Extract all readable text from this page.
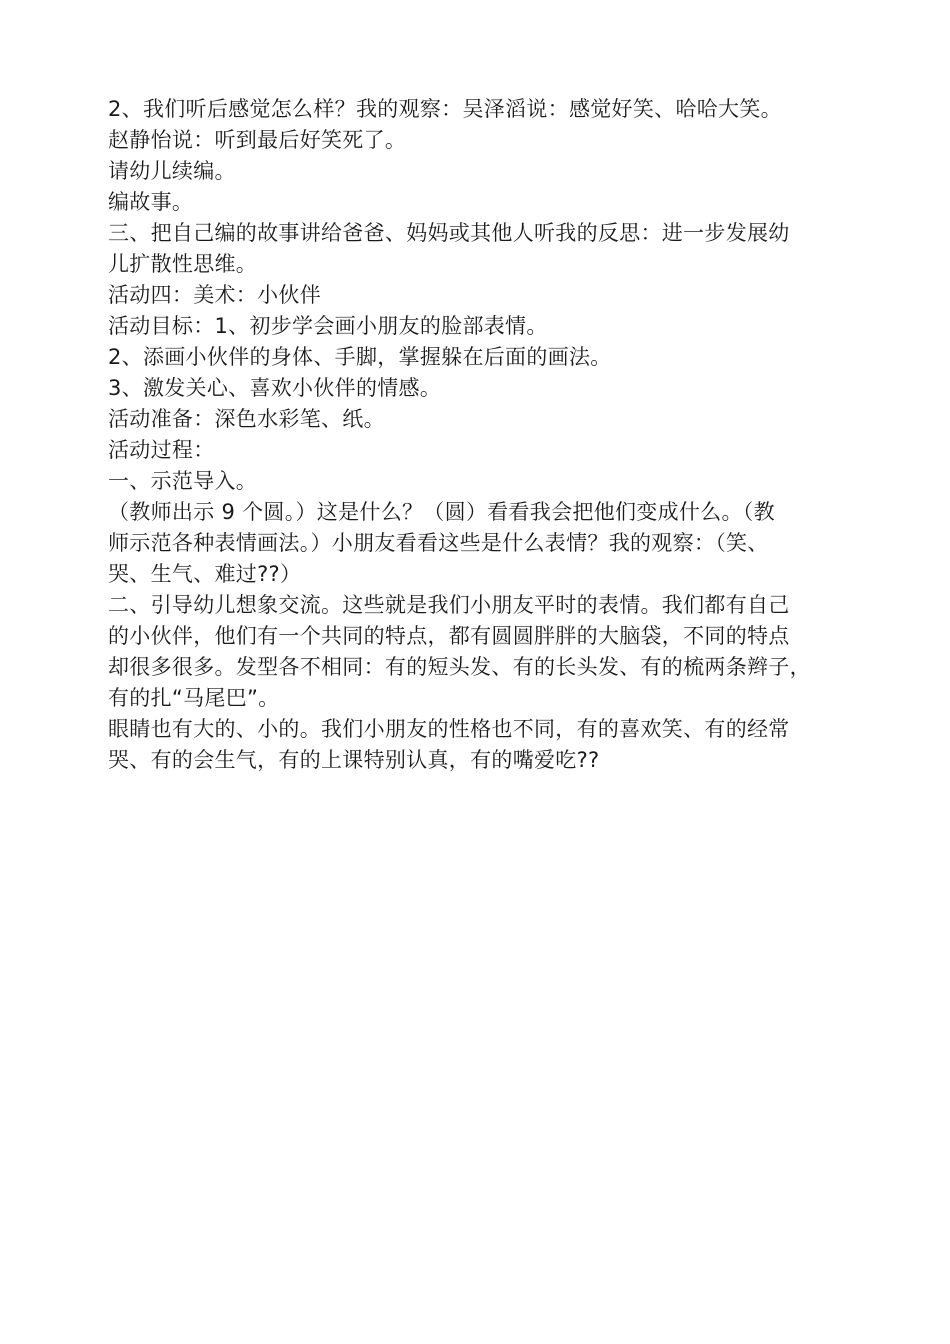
2、我们听后感觉怎么样？我的观察：吴泽滔说：感觉好笑、哈哈大笑。
赵静怡说：听到最后好笑死了。
请幼儿续编。
编故事。
三、把自己编的故事讲给爸爸、妈妈或其他人听我的反思：进一步发展幼
儿扩散性思维。
活动四：美术：小伙伴
活动目标：1、初步学会画小朋友的脸部表情。
2、添画小伙伴的身体、手脚，掌握躲在后面的画法。
3、激发关心、喜欢小伙伴的情感。
活动准备：深色水彩笔、纸。
活动过程：
一、示范导入。
（教师出示 9 个圆。）这是什么？（圆）看看我会把他们变成什么。（教
师示范各种表情画法。）小朋友看看这些是什么表情？我的观察：（笑、
哭、生气、难过??）
二、引导幼儿想象交流。这些就是我们小朋友平时的表情。我们都有自己
的小伙伴，他们有一个共同的特点，都有圆圆胖胖的大脑袋，不同的特点
却很多很多。发型各不相同：有的短头发、有的长头发、有的梳两条辫子，
有的扎“马尾巴”。
眼睛也有大的、小的。我们小朋友的性格也不同，有的喜欢笑、有的经常
哭、有的会生气，有的上课特别认真，有的嘴爱吃??
